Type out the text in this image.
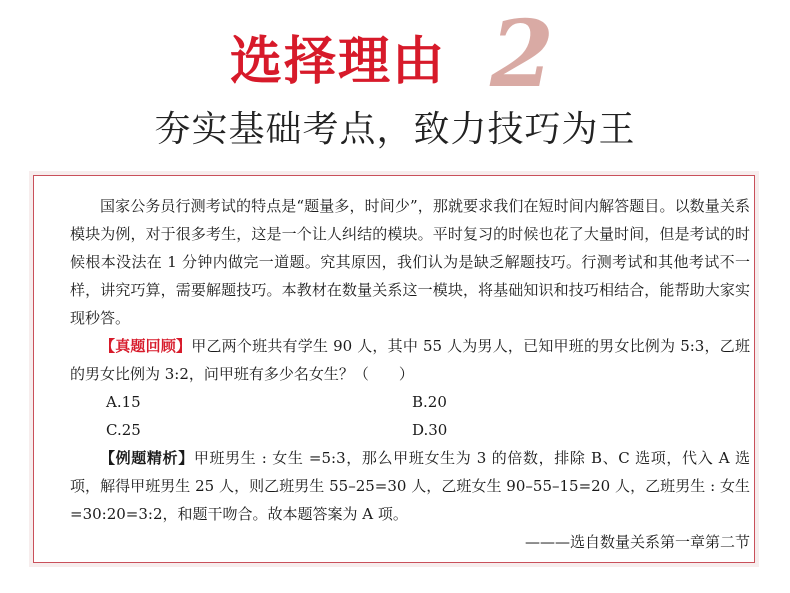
选择理由 2
夯实基础考点，致力技巧为王

国家公务员行测考试的特点是“题量多，时间少”，那就要求我们在短时间内解答题目。以数量关系模块为例，对于很多考生，这是一个让人纠结的模块。平时复习的时候也花了大量时间，但是考试的时候根本没法在 1 分钟内做完一道题。究其原因，我们认为是缺乏解题技巧。行测考试和其他考试不一样，讲究巧算，需要解题技巧。本教材在数量关系这一模块，将基础知识和技巧相结合，能帮助大家实现秒答。

【真题回顾】甲乙两个班共有学生 90 人，其中 55 人为男人，已知甲班的男女比例为 5:3，乙班的男女比例为 3:2，问甲班有多少名女生？（　　）

A.15	B.20
C.25	D.30

【例题精析】甲班男生 : 女生 =5:3，那么甲班女生为 3 的倍数，排除 B、C 选项，代入 A 选项，解得甲班男生 25 人，则乙班男生 55–25=30 人，乙班女生 90–55–15=20 人，乙班男生 : 女生 =30:20=3:2，和题干吻合。故本题答案为 A 项。

———选自数量关系第一章第二节
